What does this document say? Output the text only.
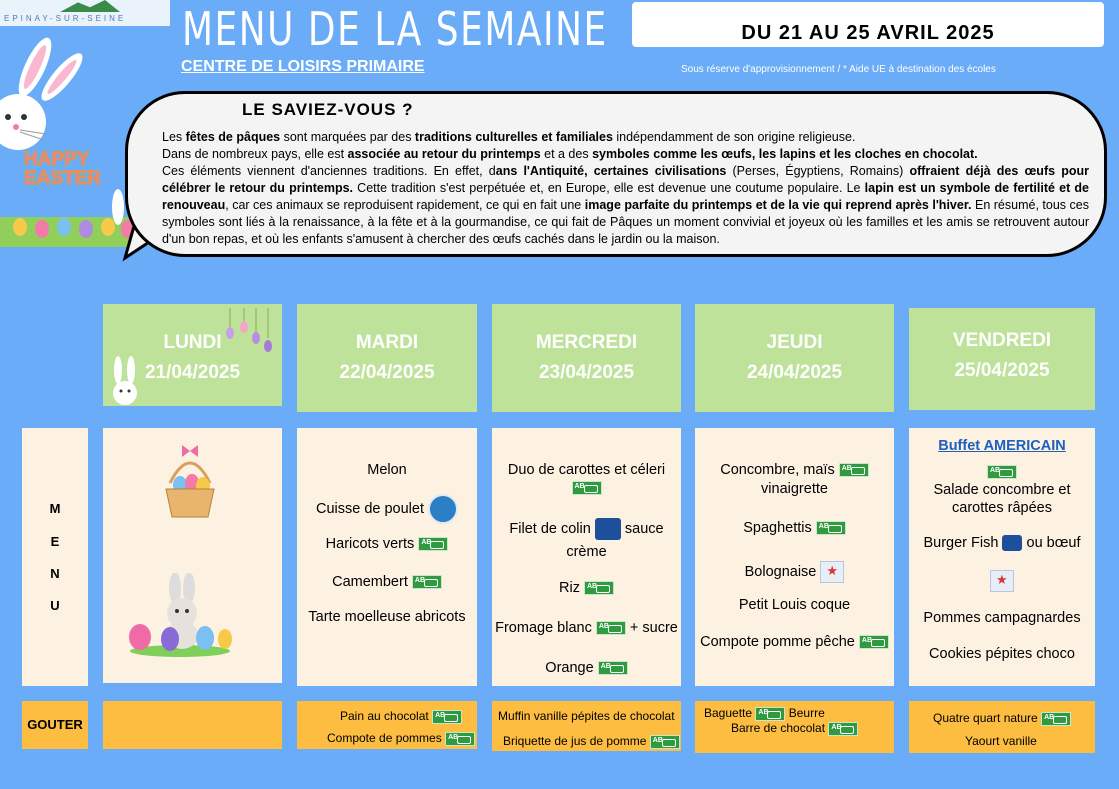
EPINAY-SUR-SEINE MENU DE LA SEMAINE
CENTRE DE LOISIRS PRIMAIRE
DU 21 AU 25 AVRIL 2025
Sous réserve d'approvisionnement / * Aide UE à destination des écoles
HAPPY
EASTER
LE SAVIEZ-VOUS ?

Les fêtes de pâques sont marquées par des traditions culturelles et familiales indépendamment de son origine religieuse.

Dans de nombreux pays, elle est associée au retour du printemps et a des symboles comme les œufs, les lapins et les cloches en chocolat.

Ces éléments viennent d'anciennes traditions. En effet, dans l'Antiquité, certaines civilisations (Perses, Égyptiens, Romains) offraient déjà des œufs pour célébrer le retour du printemps. Cette tradition s'est perpétuée et, en Europe, elle est devenue une coutume populaire. Le lapin est un symbole de fertilité et de renouveau, car ces animaux se reproduisent rapidement, ce qui en fait une image parfaite du printemps et de la vie qui reprend après l'hiver. En résumé, tous ces symboles sont liés à la renaissance, à la fête et à la gourmandise, ce qui fait de Pâques un moment convivial et joyeux où les familles et les amis se retrouvent autour d'un bon repas, et où les enfants s'amusent à chercher des œufs cachés dans le jardin ou la maison.

LUNDI
21/04/2025
MARDI
22/04/2025
MERCREDI
23/04/2025
JEUDI
24/04/2025
VENDREDI
25/04/2025
M
E
N
U
Melon
Cuisse de poulet
Haricots verts AB
Camembert AB
Tarte moelleuse abricots
Duo de carottes et céleri
AB
Filet de colin sauce
crème
Riz AB
Fromage blanc AB	+ sucre
Orange AB
Concombre, maïs AB
vinaigrette
Spaghettis AB
Bolognaise ★
Petit Louis coque
Compote pomme pêche AB
Buffet AMERICAIN
AB
Salade concombre et
carottes râpées
Burger Fish ou bœuf
★
Pommes campagnardes
Cookies pépites choco
GOUTER
Pain au chocolat AB
Compote de pommes AB
Muffin vanille pépites de chocolat
Briquette de jus de pomme AB
Baguette AB	Beurre
Barre de chocolat AB
Quatre quart nature AB
Yaourt vanille
